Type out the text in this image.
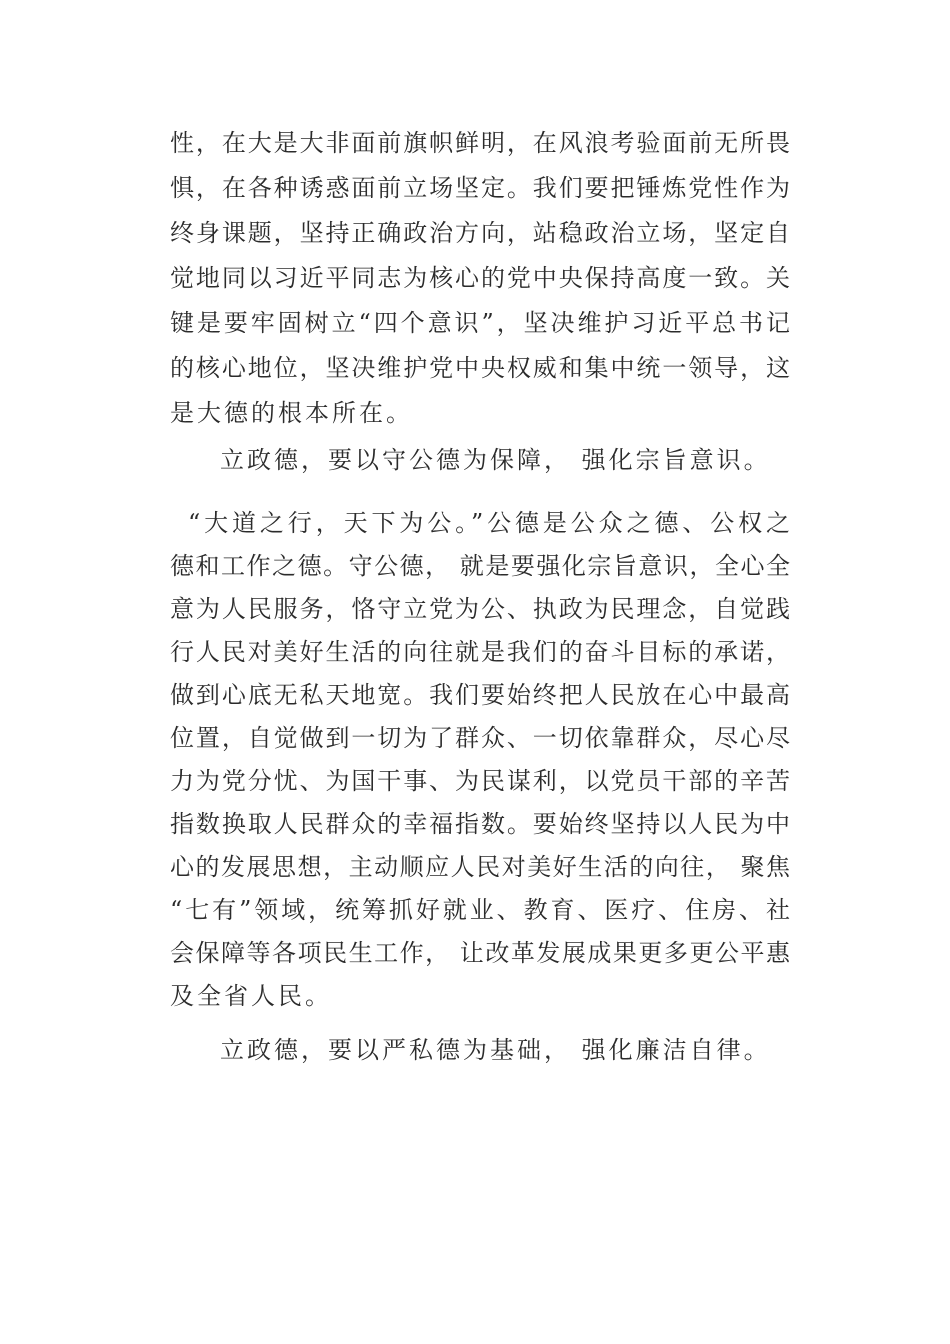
性，在大是大非面前旗帜鲜明，在风浪考验面前无所畏
惧，在各种诱惑面前立场坚定。我们要把锤炼党性作为
终身课题，坚持正确政治方向，站稳政治立场，坚定自
觉地同以习近平同志为核心的党中央保持高度一致。关
键是要牢固树立“四个意识”，坚决维护习近平总书记
的核心地位，坚决维护党中央权威和集中统一领导，这
是大德的根本所在。
立政德，要以守公德为保障， 强化宗旨意识。
“大道之行，天下为公。”公德是公众之德、公权之
德和工作之德。守公德， 就是要强化宗旨意识，全心全
意为人民服务，恪守立党为公、执政为民理念，自觉践
行人民对美好生活的向往就是我们的奋斗目标的承诺，
做到心底无私天地宽。我们要始终把人民放在心中最高
位置，自觉做到一切为了群众、一切依靠群众，尽心尽
力为党分忧、为国干事、为民谋利，以党员干部的辛苦
指数换取人民群众的幸福指数。要始终坚持以人民为中
心的发展思想，主动顺应人民对美好生活的向往， 聚焦
“七有”领域，统筹抓好就业、教育、医疗、住房、社
会保障等各项民生工作， 让改革发展成果更多更公平惠
及全省人民。
立政德，要以严私德为基础， 强化廉洁自律。
